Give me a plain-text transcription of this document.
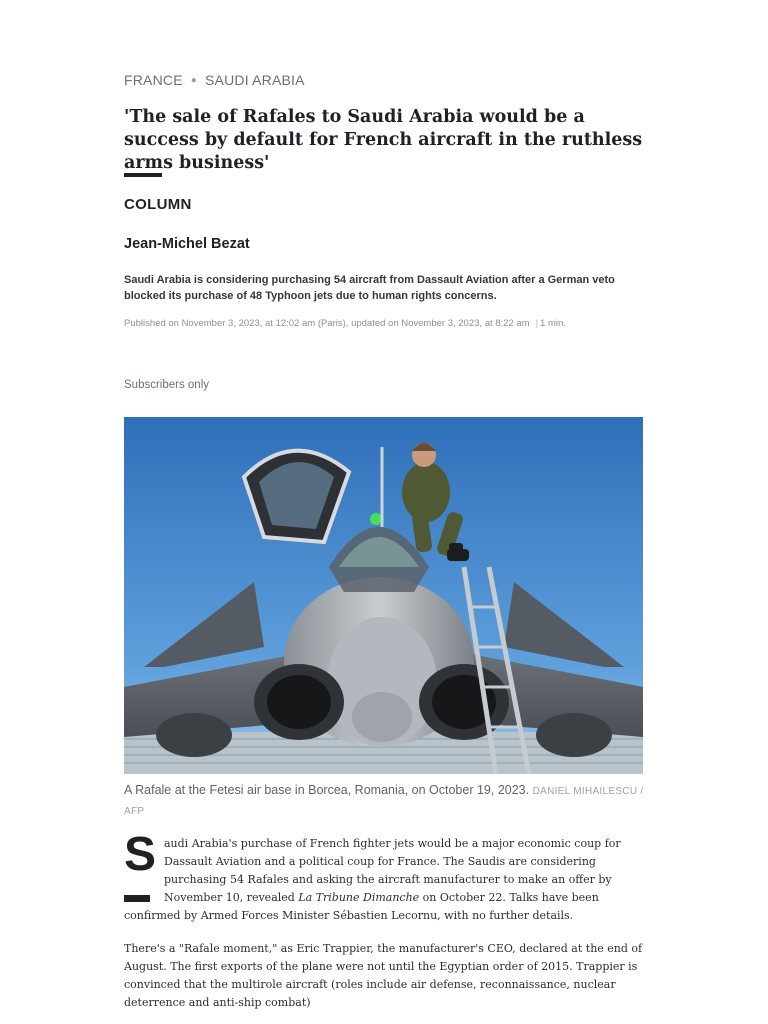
FRANCE ● SAUDI ARABIA
'The sale of Rafales to Saudi Arabia would be a success by default for French aircraft in the ruthless arms business'
COLUMN
Jean-Michel Bezat

Saudi Arabia is considering purchasing 54 aircraft from Dassault Aviation after a German veto blocked its purchase of 48 Typhoon jets due to human rights concerns.

Published on November 3, 2023, at 12:02 am (Paris), updated on November 3, 2023, at 8:22 am | 1 min.
Subscribers only

A Rafale at the Fetesi air base in Borcea, Romania, on October 19, 2023. DANIEL MIHAILESCU / AFP

S audi Arabia's purchase of French fighter jets would be a major economic coup for Dassault Aviation and a political coup for France. The Saudis are considering purchasing 54 Rafales and asking the aircraft manufacturer to make an offer by November 10, revealed La Tribune Dimanche on October 22. Talks have been confirmed by Armed Forces Minister Sébastien Lecornu, with no further details.

There's a "Rafale moment," as Eric Trappier, the manufacturer's CEO, declared at the end of August. The first exports of the plane were not until the Egyptian order of 2015. Trappier is convinced that the multirole aircraft (roles include air defense, reconnaissance, nuclear deterrence and anti-ship combat)
